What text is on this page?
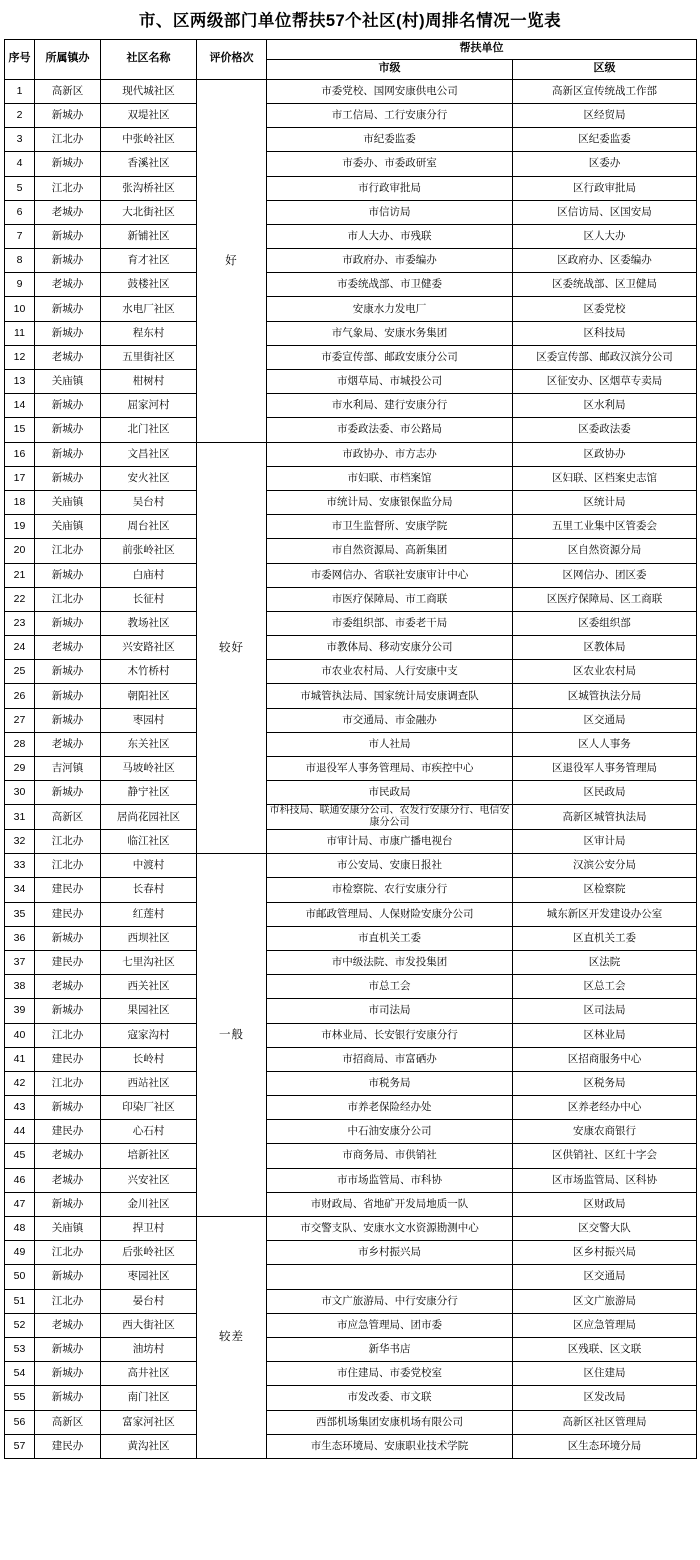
市、区两级部门单位帮扶57个社区(村)周排名情况一览表
序号	所属镇办	社区名称	评价格次	帮扶单位	
				市级	区级
1	高新区	现代城社区	好	市委党校、国网安康供电公司	高新区宣传统战工作部
2	新城办	双堤社区		市工信局、工行安康分行	区经贸局
3	江北办	中张岭社区		市纪委监委	区纪委监委
4	新城办	香溪社区		市委办、市委政研室	区委办
5	江北办	张沟桥社区		市行政审批局	区行政审批局
6	老城办	大北街社区		市信访局	区信访局、区国安局
7	新城办	新铺社区		市人大办、市残联	区人大办
8	新城办	育才社区		市政府办、市委编办	区政府办、区委编办
9	老城办	鼓楼社区		市委统战部、市卫健委	区委统战部、区卫健局
10	新城办	水电厂社区		安康水力发电厂	区委党校
11	新城办	程东村		市气象局、安康水务集团	区科技局
12	老城办	五里街社区		市委宣传部、邮政安康分公司	区委宣传部、邮政汉滨分公司
13	关庙镇	柑树村		市烟草局、市城投公司	区征安办、区烟草专卖局
14	新城办	屈家河村		市水利局、建行安康分行	区水利局
15	新城办	北门社区		市委政法委、市公路局	区委政法委
16	新城办	文昌社区	较好	市政协办、市方志办	区政协办
17	新城办	安火社区		市妇联、市档案馆	区妇联、区档案史志馆
18	关庙镇	吴台村		市统计局、安康银保监分局	区统计局
19	关庙镇	周台社区		市卫生监督所、安康学院	五里工业集中区管委会
20	江北办	前张岭社区		市自然资源局、高新集团	区自然资源分局
21	新城办	白庙村		市委网信办、省联社安康审计中心	区网信办、团区委
22	江北办	长征村		市医疗保障局、市工商联	区医疗保障局、区工商联
23	新城办	教场社区		市委组织部、市委老干局	区委组织部
24	老城办	兴安路社区		市教体局、移动安康分公司	区教体局
25	新城办	木竹桥村		市农业农村局、人行安康中支	区农业农村局
26	新城办	朝阳社区		市城管执法局、国家统计局安康调查队	区城管执法分局
27	新城办	枣园村		市交通局、市金融办	区交通局
28	老城办	东关社区		市人社局	区人人事务
29	吉河镇	马坡岭社区		市退役军人事务管理局、市疾控中心	区退役军人事务管理局
30	新城办	静宁社区		市民政局	区民政局
31	高新区	居尚花园社区		市科技局、联通安康分公司、农发行安康分行、电信安康分公司	高新区城管执法局
32	江北办	临江社区		市审计局、市康广播电视台	区审计局
33	江北办	中渡村	一般	市公安局、安康日报社	汉滨公安分局
34	建民办	长春村		市检察院、农行安康分行	区检察院
35	建民办	红莲村		市邮政管理局、人保财险安康分公司	城东新区开发建设办公室
36	新城办	西坝社区		市直机关工委	区直机关工委
37	建民办	七里沟社区		市中级法院、市发投集团	区法院
38	老城办	西关社区		市总工会	区总工会
39	新城办	果园社区		市司法局	区司法局
40	江北办	寇家沟村		市林业局、长安银行安康分行	区林业局
41	建民办	长岭村		市招商局、市富硒办	区招商服务中心
42	江北办	西站社区		市税务局	区税务局
43	新城办	印染厂社区		市养老保险经办处	区养老经办中心
44	建民办	心石村		中石油安康分公司	安康农商银行
45	老城办	培新社区		市商务局、市供销社	区供销社、区红十字会
46	老城办	兴安社区		市市场监管局、市科协	区市场监管局、区科协
47	新城办	金川社区		市财政局、省地矿开发局地质一队	区财政局
48	关庙镇	捍卫村	较差	市交警支队、安康水文水资源勘测中心	区交警大队
49	江北办	后张岭社区		市乡村振兴局	区乡村振兴局
50	新城办	枣园社区			区交通局
51	江北办	晏台村		市文广旅游局、中行安康分行	区文广旅游局
52	老城办	西大街社区		市应急管理局、团市委	区应急管理局
53	新城办	油坊村		新华书店	区残联、区文联
54	新城办	高井社区		市住建局、市委党校室	区住建局
55	新城办	南门社区		市发改委、市文联	区发改局
56	高新区	富家河社区		西部机场集团安康机场有限公司	高新区社区管理局
57	建民办	黄沟社区		市生态环境局、安康职业技术学院	区生态环境分局
